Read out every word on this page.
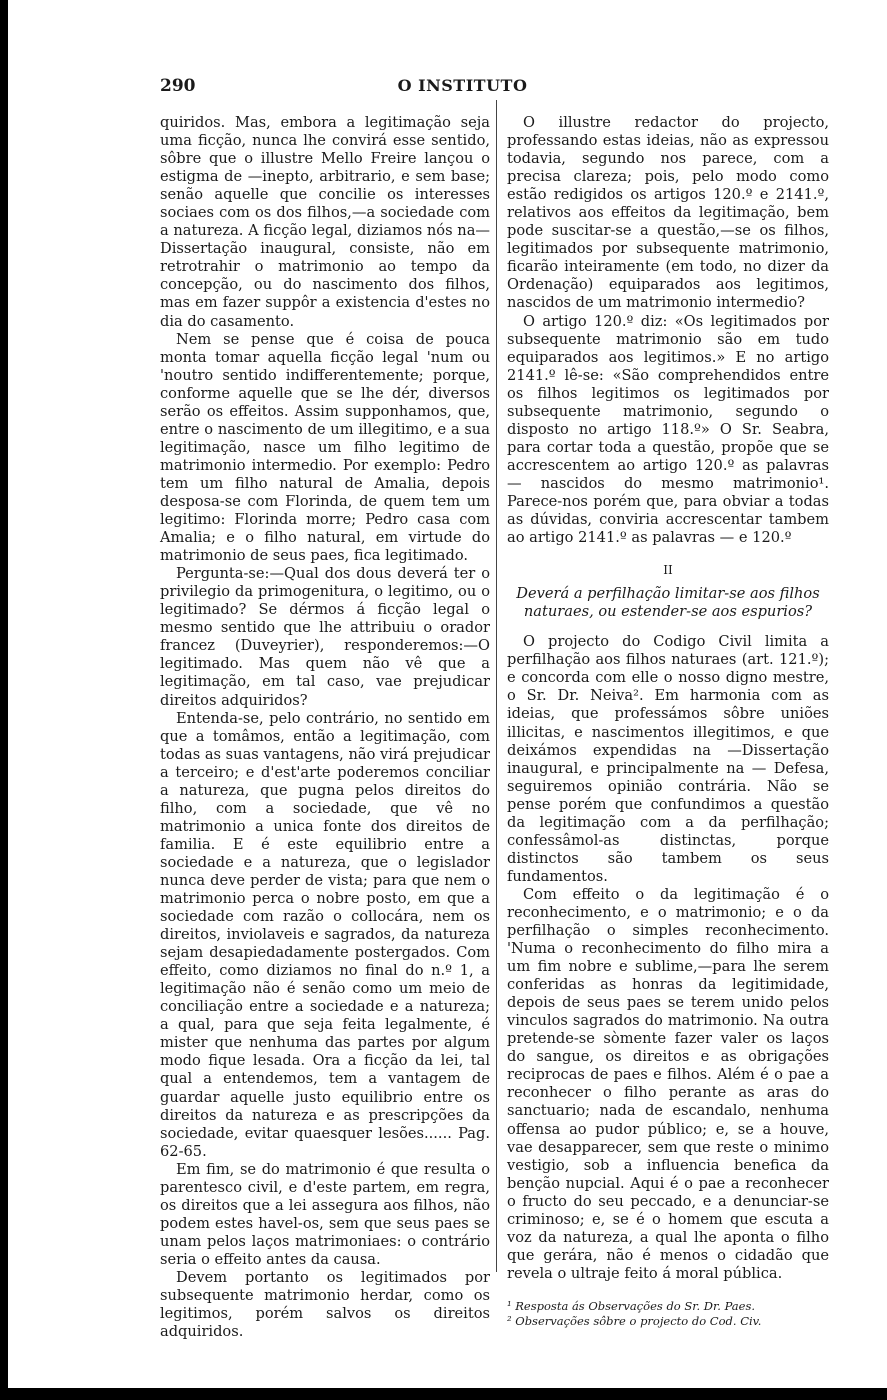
290	O INSTITUTO

quiridos. Mas, embora a legitimação seja uma ficção, nunca lhe convirá esse sentido, sôbre que o illustre Mello Freire lançou o estigma de —inepto, arbitrario, e sem base; senão aquelle que concilie os interesses sociaes com os dos filhos,—a sociedade com a natureza. A ficção legal, diziamos nós na—Dissertação inaugural, consiste, não em retrotrahir o matrimonio ao tempo da concepção, ou do nascimento dos filhos, mas em fazer suppôr a existencia d'estes no dia do casamento.

Nem se pense que é coisa de pouca monta tomar aquella ficção legal 'num ou 'noutro sentido indifferentemente; porque, conforme aquelle que se lhe dér, diversos serão os effeitos. Assim supponhamos, que, entre o nascimento de um illegitimo, e a sua legitimação, nasce um filho legitimo de matrimonio intermedio. Por exemplo: Pedro tem um filho natural de Amalia, depois desposa-se com Florinda, de quem tem um legitimo: Florinda morre; Pedro casa com Amalia; e o filho natural, em virtude do matrimonio de seus paes, fica legitimado.

Pergunta-se:—Qual dos dous deverá ter o privilegio da primogenitura, o legitimo, ou o legitimado? Se dérmos á ficção legal o mesmo sentido que lhe attribuiu o orador francez (Duveyrier), responderemos:—O legitimado. Mas quem não vê que a legitimação, em tal caso, vae prejudicar direitos adquiridos?

Entenda-se, pelo contrário, no sentido em que a tomâmos, então a legitimação, com todas as suas vantagens, não virá prejudicar a terceiro; e d'est'arte poderemos conciliar a natureza, que pugna pelos direitos do filho, com a sociedade, que vê no matrimonio a unica fonte dos direitos de familia. E é este equilibrio entre a sociedade e a natureza, que o legislador nunca deve perder de vista; para que nem o matrimonio perca o nobre posto, em que a sociedade com razão o collocára, nem os direitos, inviolaveis e sagrados, da natureza sejam desapiedadamente postergados. Com effeito, como diziamos no final do n.º 1, a legitimação não é senão como um meio de conciliação entre a sociedade e a natureza; a qual, para que seja feita legalmente, é mister que nenhuma das partes por algum modo fique lesada. Ora a ficção da lei, tal qual a entendemos, tem a vantagem de guardar aquelle justo equilibrio entre os direitos da natureza e as prescripções da sociedade, evitar quaesquer lesões...... Pag. 62-65.

Em fim, se do matrimonio é que resulta o parentesco civil, e d'este partem, em regra, os direitos que a lei assegura aos filhos, não podem estes havel-os, sem que seus paes se unam pelos laços matrimoniaes: o contrário seria o effeito antes da causa.

Devem portanto os legitimados por subsequente matrimonio herdar, como os legitimos, porém salvos os direitos adquiridos.

O illustre redactor do projecto, professando estas ideias, não as expressou todavia, segundo nos parece, com a precisa clareza; pois, pelo modo como estão redigidos os artigos 120.º e 2141.º, relativos aos effeitos da legitimação, bem pode suscitar-se a questão,—se os filhos, legitimados por subsequente matrimonio, ficarão inteiramente (em todo, no dizer da Ordenação) equiparados aos legitimos, nascidos de um matrimonio intermedio?

O artigo 120.º diz: «Os legitimados por subsequente matrimonio são em tudo equiparados aos legitimos.» E no artigo 2141.º lê-se: «São comprehendidos entre os filhos legitimos os legitimados por subsequente matrimonio, segundo o disposto no artigo 118.º» O Sr. Seabra, para cortar toda a questão, propõe que se accrescentem ao artigo 120.º as palavras — nascidos do mesmo matrimonio¹. Parece-nos porém que, para obviar a todas as dúvidas, conviria accrescentar tambem ao artigo 2141.º as palavras — e 120.º

II
Deverá a perfilhação limitar-se aos filhos naturaes, ou estender-se aos espurios?

O projecto do Codigo Civil limita a perfilhação aos filhos naturaes (art. 121.º); e concorda com elle o nosso digno mestre, o Sr. Dr. Neiva². Em harmonia com as ideias, que professámos sôbre uniões illicitas, e nascimentos illegitimos, e que deixámos expendidas na —Dissertação inaugural, e principalmente na — Defesa, seguiremos opinião contrária. Não se pense porém que confundimos a questão da legitimação com a da perfilhação; confessâmol-as distinctas, porque distinctos são tambem os seus fundamentos.

Com effeito o da legitimação é o reconhecimento, e o matrimonio; e o da perfilhação o simples reconhecimento. 'Numa o reconhecimento do filho mira a um fim nobre e sublime,—para lhe serem conferidas as honras da legitimidade, depois de seus paes se terem unido pelos vinculos sagrados do matrimonio. Na outra pretende-se sòmente fazer valer os laços do sangue, os direitos e as obrigações reciprocas de paes e filhos. Além é o pae a reconhecer o filho perante as aras do sanctuario; nada de escandalo, nenhuma offensa ao pudor público; e, se a houve, vae desapparecer, sem que reste o minimo vestigio, sob a influencia benefica da benção nupcial. Aqui é o pae a reconhecer o fructo do seu peccado, e a denunciar-se criminoso; e, se é o homem que escuta a voz da natureza, a qual lhe aponta o filho que gerára, não é menos o cidadão que revela o ultraje feito á moral pública.

¹ Resposta ás Observações do Sr. Dr. Paes.
² Observações sôbre o projecto do Cod. Civ.
